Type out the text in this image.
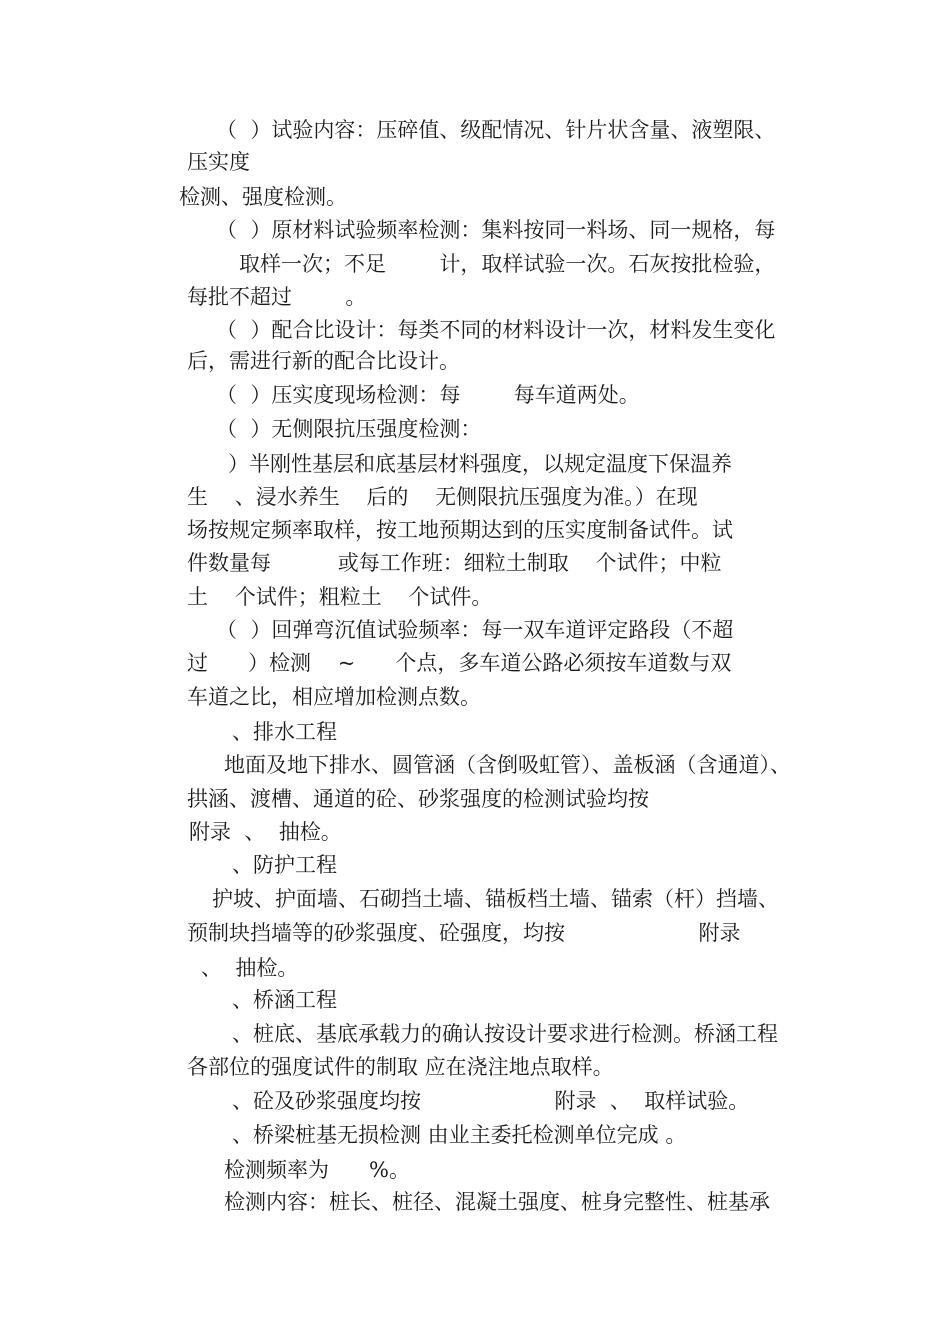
（  ）试验内容：压碎值、级配情况、针片状含量、液塑限、

压实度

检测、强度检测。

（  ）原材料试验频率检测：集料按同一料场、同一规格，每

取样一次；不足        计，取样试验一次。石灰按批检验，

每批不超过        。

（  ）配合比设计：每类不同的材料设计一次，材料发生变化

后，需进行新的配合比设计。

（  ）压实度现场检测：每        每车道两处。

（  ）无侧限抗压强度检测：

）半刚性基层和底基层材料强度，以规定温度下保温养

生    、浸水养生    后的    无侧限抗压强度为准。）在现

场按规定频率取样，按工地预期达到的压实度制备试件。试

件数量每          或每工作班：细粒土制取    个试件；中粒

土    个试件；粗粒土    个试件。

（  ）回弹弯沉值试验频率：每一双车道评定路段（不超

过      ）检测    ~      个点，多车道公路必须按车道数与双

车道之比，相应增加检测点数。

、排水工程

地面及地下排水、圆管涵（含倒吸虹管）、盖板涵（含通道）、

拱涵、渡槽、通道的砼、砂浆强度的检测试验均按

附录  、  抽检。

、防护工程

护坡、护面墙、石砌挡土墙、锚板档土墙、锚索（杆）挡墙、

预制块挡墙等的砂浆强度、砼强度，均按                    附录

、  抽检。

、桥涵工程

、桩底、基底承载力的确认按设计要求进行检测。桥涵工程

各部位的强度试件的制取 应在浇注地点取样。

、砼及砂浆强度均按                    附录  、  取样试验。

、桥梁桩基无损检测 由业主委托检测单位完成 。

检测频率为      %。

检测内容：桩长、桩径、混凝土强度、桩身完整性、桩基承
